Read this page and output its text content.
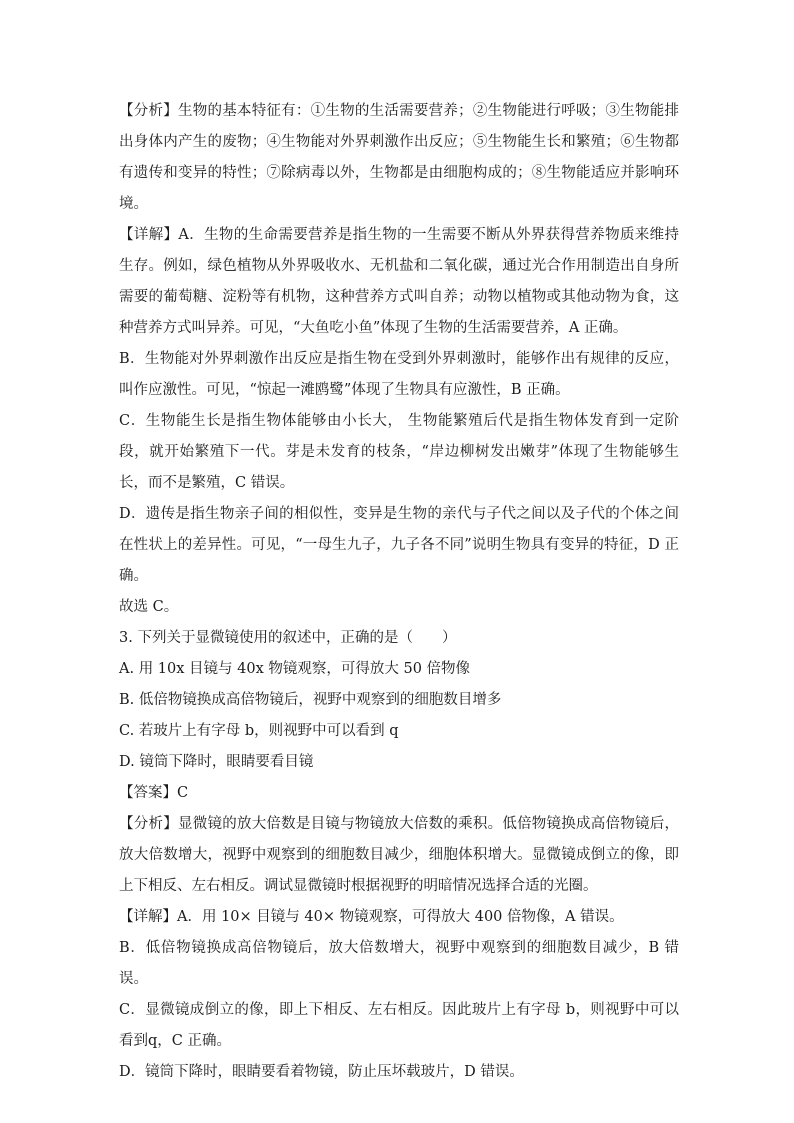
【分析】生物的基本特征有：①生物的生活需要营养；②生物能进行呼吸；③生物能排出身体内产生的废物；④生物能对外界刺激作出反应；⑤生物能生长和繁殖；⑥生物都有遗传和变异的特性；⑦除病毒以外，生物都是由细胞构成的；⑧生物能适应并影响环境。

【详解】A．生物的生命需要营养是指生物的一生需要不断从外界获得营养物质来维持生存。例如，绿色植物从外界吸收水、无机盐和二氧化碳，通过光合作用制造出自身所需要的葡萄糖、淀粉等有机物，这种营养方式叫自养；动物以植物或其他动物为食，这种营养方式叫异养。可见，“大鱼吃小鱼”体现了生物的生活需要营养，A 正确。

B．生物能对外界刺激作出反应是指生物在受到外界刺激时，能够作出有规律的反应，叫作应激性。可见，“惊起一滩鸥鹭”体现了生物具有应激性，B 正确。

C．生物能生长是指生物体能够由小长大， 生物能繁殖后代是指生物体发育到一定阶段，就开始繁殖下一代。芽是未发育的枝条，“岸边柳树发出嫩芽”体现了生物能够生长，而不是繁殖，C 错误。

D．遗传是指生物亲子间的相似性，变异是生物的亲代与子代之间以及子代的个体之间在性状上的差异性。可见，“一母生九子，九子各不同”说明生物具有变异的特征，D 正确。

故选 C。

3. 下列关于显微镜使用的叙述中，正确的是（　　）

A. 用 10x 目镜与 40x 物镜观察，可得放大 50 倍物像

B. 低倍物镜换成高倍物镜后，视野中观察到的细胞数目增多

C. 若玻片上有字母 b，则视野中可以看到 q

D. 镜筒下降时，眼睛要看目镜

【答案】C

【分析】显微镜的放大倍数是目镜与物镜放大倍数的乘积。低倍物镜换成高倍物镜后，放大倍数增大，视野中观察到的细胞数目减少，细胞体积增大。显微镜成倒立的像，即上下相反、左右相反。调试显微镜时根据视野的明暗情况选择合适的光圈。

【详解】A．用 10× 目镜与 40× 物镜观察，可得放大 400 倍物像，A 错误。

B．低倍物镜换成高倍物镜后，放大倍数增大，视野中观察到的细胞数目减少，B 错误。

C．显微镜成倒立的像，即上下相反、左右相反。因此玻片上有字母 b，则视野中可以看到q，C 正确。

D．镜筒下降时，眼睛要看着物镜，防止压坏载玻片，D 错误。
